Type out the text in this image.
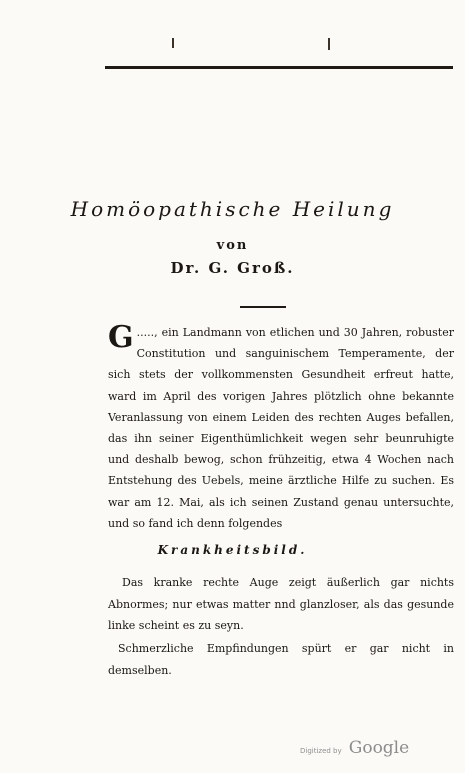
Homöopathische Heilung
von
Dr. G. Groß.
G ....., ein Landmann von etlichen und 30 Jahren, robuster Constitution und sanguinischem Temperamente, der sich stets der vollkommensten Gesundheit erfreut hatte, ward im April des vorigen Jahres plötzlich ohne bekannte Veranlassung von einem Leiden des rechten Auges befallen, das ihn seiner Eigenthümlichkeit wegen sehr beunruhigte und deshalb bewog, schon frühzeitig, etwa 4 Wochen nach Entstehung des Uebels, meine ärztliche Hilfe zu suchen. Es war am 12. Mai, als ich seinen Zustand genau untersuchte, und so fand ich denn folgendes
Krankheitsbild.
Das kranke rechte Auge zeigt äußerlich gar nichts Abnormes; nur etwas matter nnd glanzloser, als das gesunde linke scheint es zu seyn.
Schmerzliche Empfindungen spürt er gar nicht in demselben.
Digitized by Google
